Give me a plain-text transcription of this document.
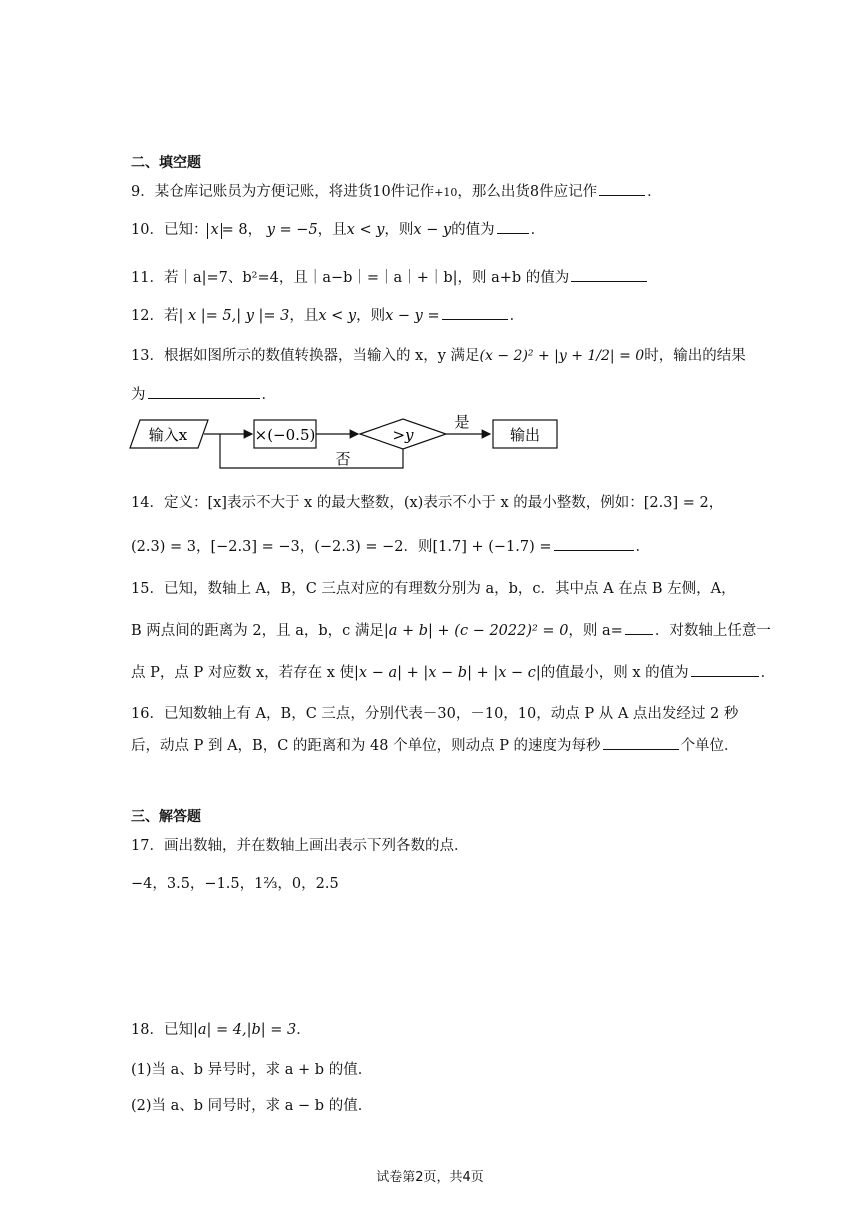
二、填空题
9．某仓库记账员为方便记账，将进货10件记作+10，那么出货8件应记作	．
10．已知： x = 8， y = −5，且x < y，则x − y的值为 ．
11．若｜a|=7、b²=4，且｜a−b｜=｜a｜+｜b|，则 a+b 的值为
12．若| x |= 5,| y |= 3，且x < y，则x − y =	．
13．根据如图所示的数值转换器，当输入的 x，y 满足(x − 2)² + |y + 1/2| = 0时，输出的结果
为	．
输入x	×(−0.5)	>y
是
输出
否
14．定义：[x]表示不大于 x 的最大整数，(x)表示不小于 x 的最小整数，例如：[2.3] = 2，
(2.3) = 3，[−2.3] = −3，(−2.3) = −2．则[1.7] + (−1.7) =	．
15．已知，数轴上 A，B，C 三点对应的有理数分别为 a，b，c．其中点 A 在点 B 左侧，A，
B 两点间的距离为 2，且 a，b，c 满足|a + b| + (c − 2022)² = 0，则 a= ．对数轴上任意一
点 P，点 P 对应数 x，若存在 x 使|x − a| + |x − b| + |x − c|的值最小，则 x 的值为	．
16．已知数轴上有 A，B，C 三点，分别代表－30，－10，10，动点 P 从 A 点出发经过 2 秒
后，动点 P 到 A，B，C 的距离和为 48 个单位，则动点 P 的速度为每秒	个单位．
三、解答题
17．画出数轴，并在数轴上画出表示下列各数的点．
−4，3.5，−1.5，1⅔，0，2.5
18．已知|a| = 4,|b| = 3．
(1)当 a、b 异号时，求 a + b 的值．
(2)当 a、b 同号时，求 a − b 的值．
试卷第2页，共4页
